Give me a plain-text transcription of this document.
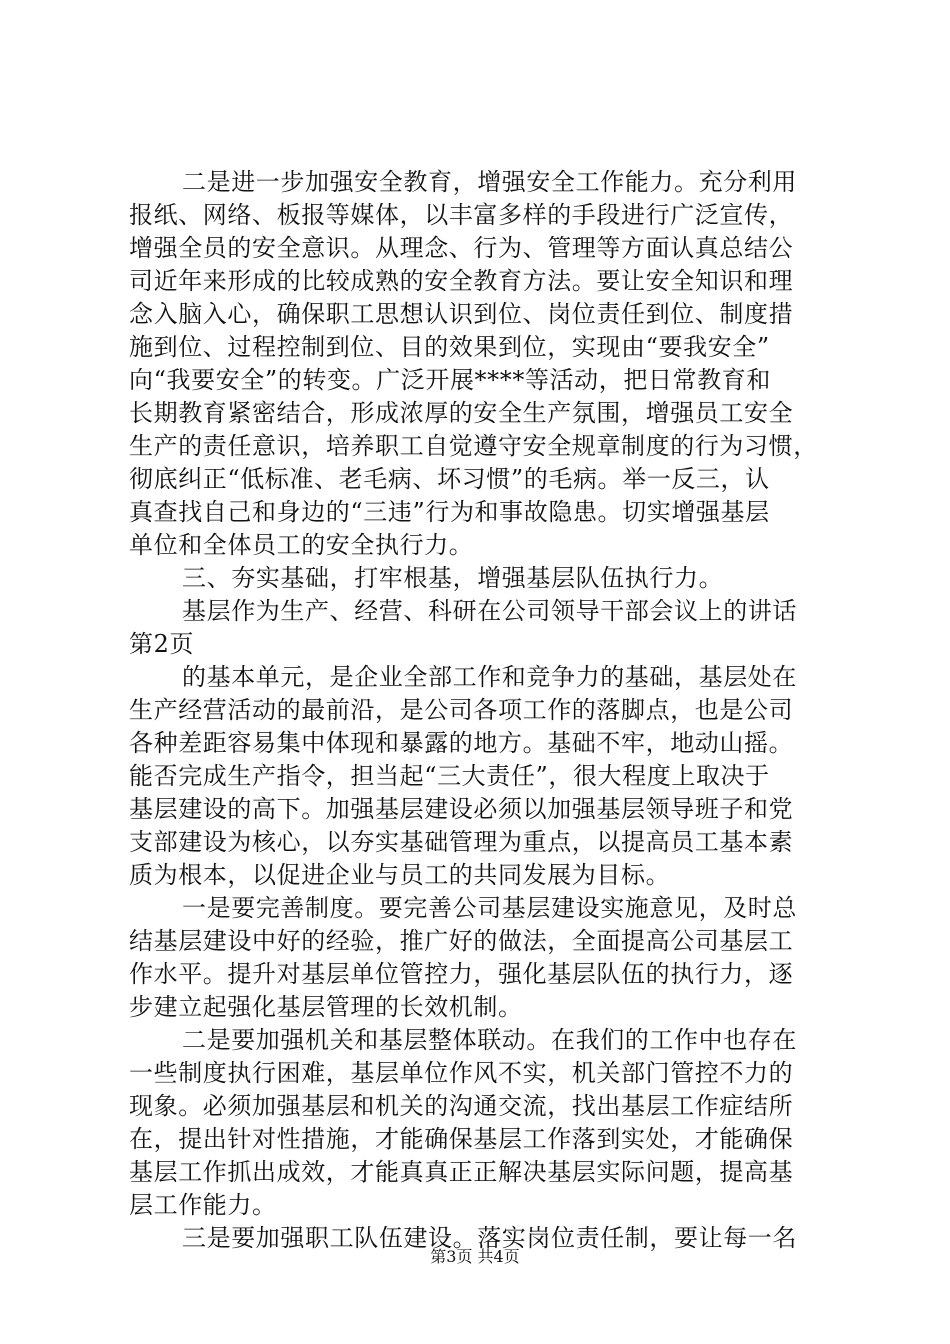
二是进一步加强安全教育，增强安全工作能力。充分利用
报纸、网络、板报等媒体，以丰富多样的手段进行广泛宣传，
增强全员的安全意识。从理念、行为、管理等方面认真总结公
司近年来形成的比较成熟的安全教育方法。要让安全知识和理
念入脑入心，确保职工思想认识到位、岗位责任到位、制度措
施到位、过程控制到位、目的效果到位，实现由“要我安全”
向“我要安全”的转变。广泛开展****等活动，把日常教育和
长期教育紧密结合，形成浓厚的安全生产氛围，增强员工安全
生产的责任意识，培养职工自觉遵守安全规章制度的行为习惯，
彻底纠正“低标准、老毛病、坏习惯”的毛病。举一反三，认
真查找自己和身边的“三违”行为和事故隐患。切实增强基层
单位和全体员工的安全执行力。
三、夯实基础，打牢根基，增强基层队伍执行力。
基层作为生产、经营、科研在公司领导干部会议上的讲话
第2页
的基本单元，是企业全部工作和竞争力的基础，基层处在
生产经营活动的最前沿，是公司各项工作的落脚点，也是公司
各种差距容易集中体现和暴露的地方。基础不牢，地动山摇。
能否完成生产指令，担当起“三大责任”，很大程度上取决于
基层建设的高下。加强基层建设必须以加强基层领导班子和党
支部建设为核心，以夯实基础管理为重点，以提高员工基本素
质为根本，以促进企业与员工的共同发展为目标。
一是要完善制度。要完善公司基层建设实施意见，及时总
结基层建设中好的经验，推广好的做法，全面提高公司基层工
作水平。提升对基层单位管控力，强化基层队伍的执行力，逐
步建立起强化基层管理的长效机制。
二是要加强机关和基层整体联动。在我们的工作中也存在
一些制度执行困难，基层单位作风不实，机关部门管控不力的
现象。必须加强基层和机关的沟通交流，找出基层工作症结所
在，提出针对性措施，才能确保基层工作落到实处，才能确保
基层工作抓出成效，才能真真正正解决基层实际问题，提高基
层工作能力。
三是要加强职工队伍建设。落实岗位责任制，要让每一名
第3页 共4页
